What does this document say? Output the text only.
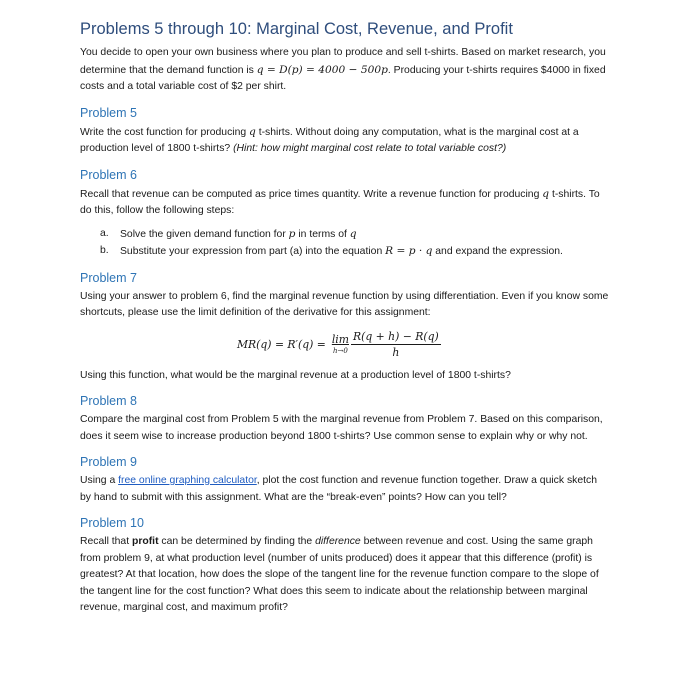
Problems 5 through 10: Marginal Cost, Revenue, and Profit

You decide to open your own business where you plan to produce and sell t-shirts. Based on market research, you determine that the demand function is q = D(p) = 4000 − 500p. Producing your t-shirts requires $4000 in fixed costs and a total variable cost of $2 per shirt.

Problem 5

Write the cost function for producing q t-shirts. Without doing any computation, what is the marginal cost at a production level of 1800 t-shirts? (Hint: how might marginal cost relate to total variable cost?)

Problem 6

Recall that revenue can be computed as price times quantity. Write a revenue function for producing q t-shirts. To do this, follow the following steps:

a. Solve the given demand function for p in terms of q
b. Substitute your expression from part (a) into the equation R = p · q and expand the expression.
Problem 7

Using your answer to problem 6, find the marginal revenue function by using differentiation. Even if you know some shortcuts, please use the limit definition of the derivative for this assignment:

MR(q) = R′(q) = lim
$h\to 0 \frac{R(q + h) - R(q)}{h}$

Using this function, what would be the marginal revenue at a production level of 1800 t-shirts?

Problem 8

Compare the marginal cost from Problem 5 with the marginal revenue from Problem 7. Based on this comparison, does it seem wise to increase production beyond 1800 t-shirts? Use common sense to explain why or why not.

Problem 9

Using a free online graphing calculator, plot the cost function and revenue function together. Draw a quick sketch by hand to submit with this assignment. What are the “break-even” points? How can you tell?

Problem 10

Recall that profit can be determined by finding the difference between revenue and cost. Using the same graph from problem 9, at what production level (number of units produced) does it appear that this difference (profit) is greatest? At that location, how does the slope of the tangent line for the revenue function compare to the slope of the tangent line for the cost function? What does this seem to indicate about the relationship between marginal revenue, marginal cost, and maximum profit?
